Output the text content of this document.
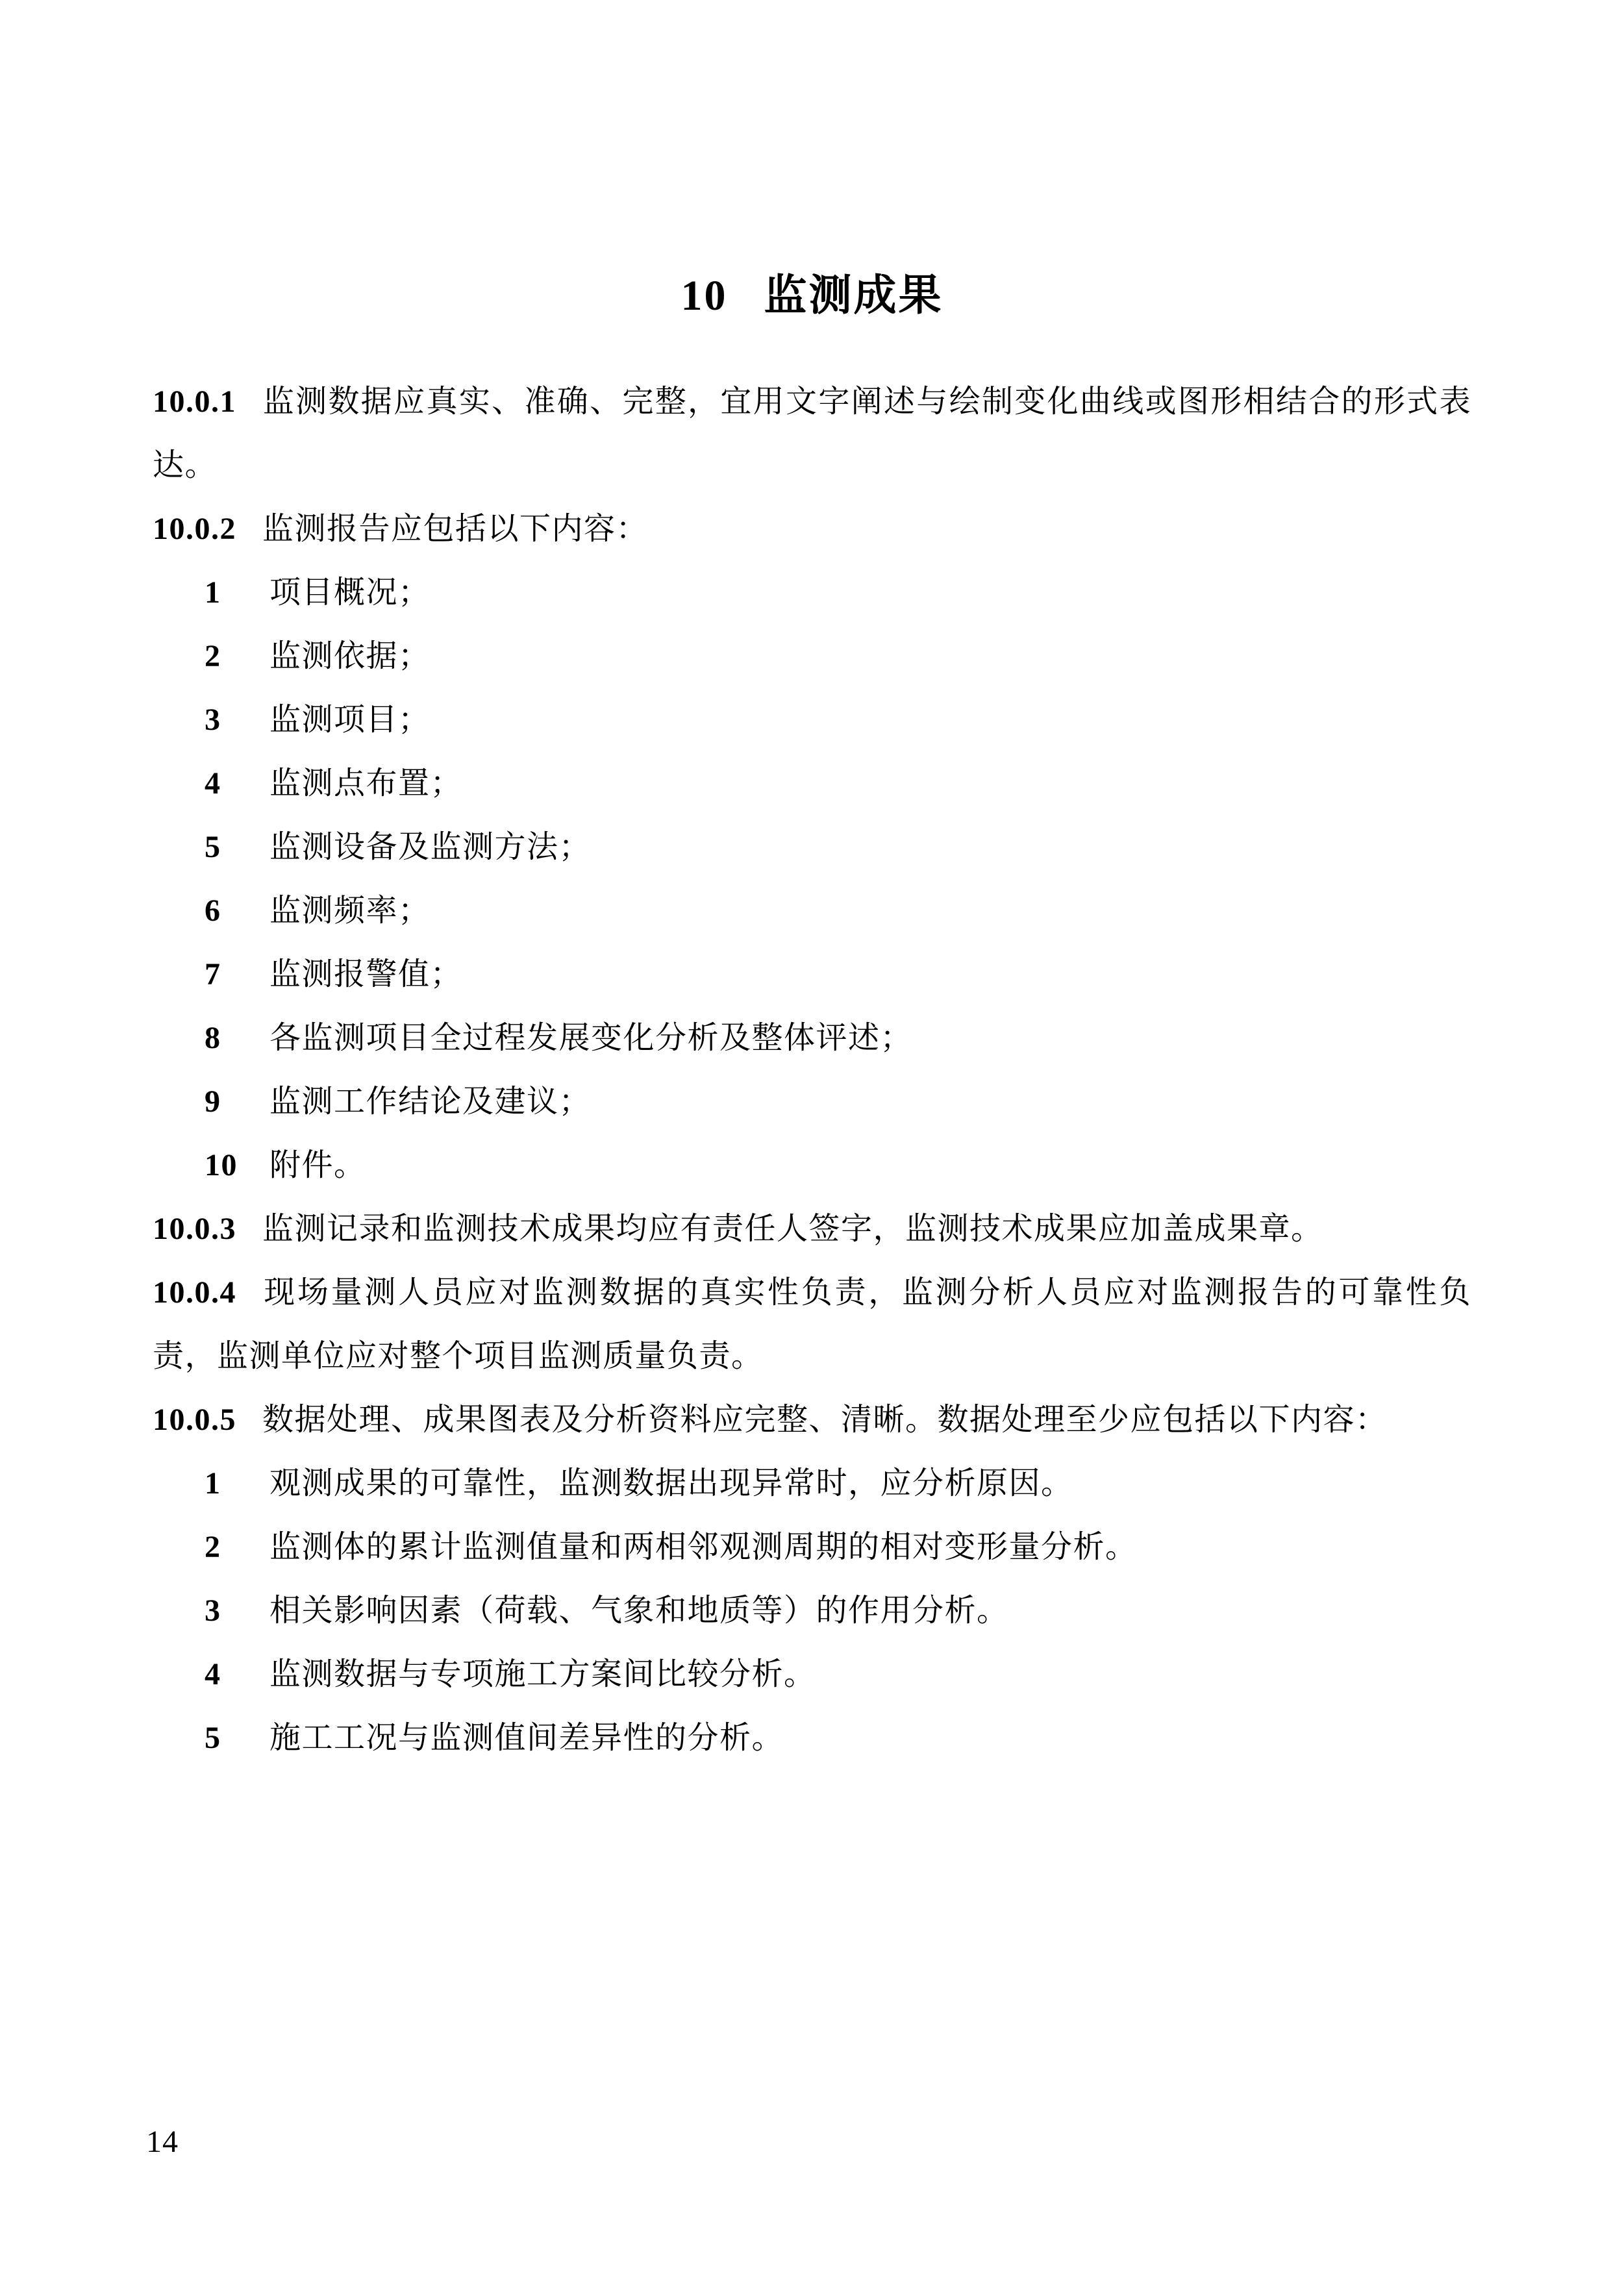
10 监测成果

10.0.1 监测数据应真实、准确、完整，宜用文字阐述与绘制变化曲线或图形相结合的形式表达。

10.0.2 监测报告应包括以下内容：

1 项目概况；

2 监测依据；

3 监测项目；

4 监测点布置；

5 监测设备及监测方法；

6 监测频率；

7 监测报警值；

8 各监测项目全过程发展变化分析及整体评述；

9 监测工作结论及建议；

10 附件。

10.0.3 监测记录和监测技术成果均应有责任人签字，监测技术成果应加盖成果章。

10.0.4 现场量测人员应对监测数据的真实性负责，监测分析人员应对监测报告的可靠性负责，监测单位应对整个项目监测质量负责。

10.0.5 数据处理、成果图表及分析资料应完整、清晰。数据处理至少应包括以下内容：

1 观测成果的可靠性，监测数据出现异常时，应分析原因。

2 监测体的累计监测值量和两相邻观测周期的相对变形量分析。

3 相关影响因素（荷载、气象和地质等）的作用分析。

4 监测数据与专项施工方案间比较分析。

5 施工工况与监测值间差异性的分析。

14
